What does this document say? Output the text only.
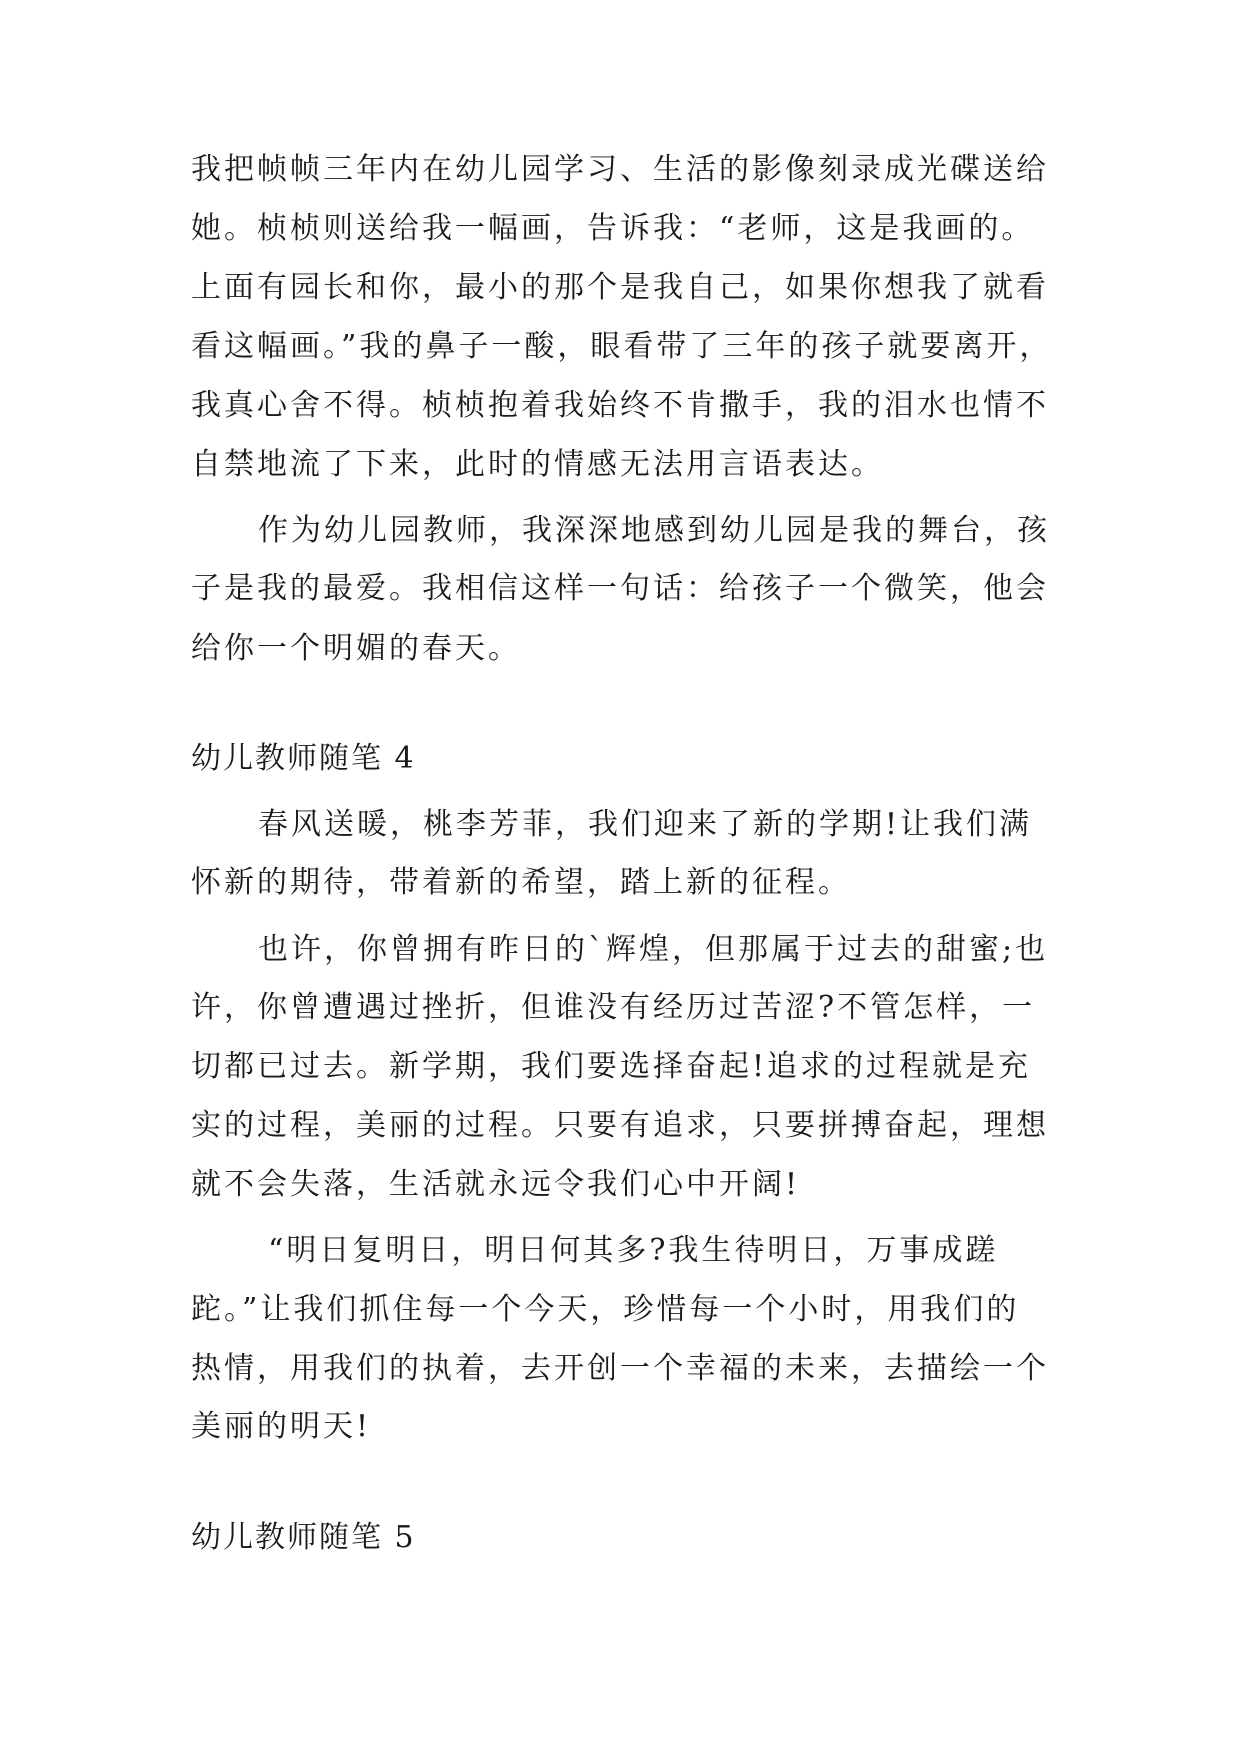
我把帧帧三年内在幼儿园学习、生活的影像刻录成光碟送给
她。桢桢则送给我一幅画，告诉我：“老师，这是我画的。
上面有园长和你，最小的那个是我自己，如果你想我了就看
看这幅画。”我的鼻子一酸，眼看带了三年的孩子就要离开，
我真心舍不得。桢桢抱着我始终不肯撒手，我的泪水也情不
自禁地流了下来，此时的情感无法用言语表达。
作为幼儿园教师，我深深地感到幼儿园是我的舞台，孩
子是我的最爱。我相信这样一句话：给孩子一个微笑，他会
给你一个明媚的春天。
幼儿教师随笔 4
春风送暖，桃李芳菲，我们迎来了新的学期!让我们满
怀新的期待，带着新的希望，踏上新的征程。
也许，你曾拥有昨日的`辉煌，但那属于过去的甜蜜;也
许，你曾遭遇过挫折，但谁没有经历过苦涩?不管怎样，一
切都已过去。新学期，我们要选择奋起!追求的过程就是充
实的过程，美丽的过程。只要有追求，只要拼搏奋起，理想
就不会失落，生活就永远令我们心中开阔!
“明日复明日，明日何其多?我生待明日，万事成蹉
跎。”让我们抓住每一个今天，珍惜每一个小时，用我们的
热情，用我们的执着，去开创一个幸福的未来，去描绘一个
美丽的明天!
幼儿教师随笔 5
